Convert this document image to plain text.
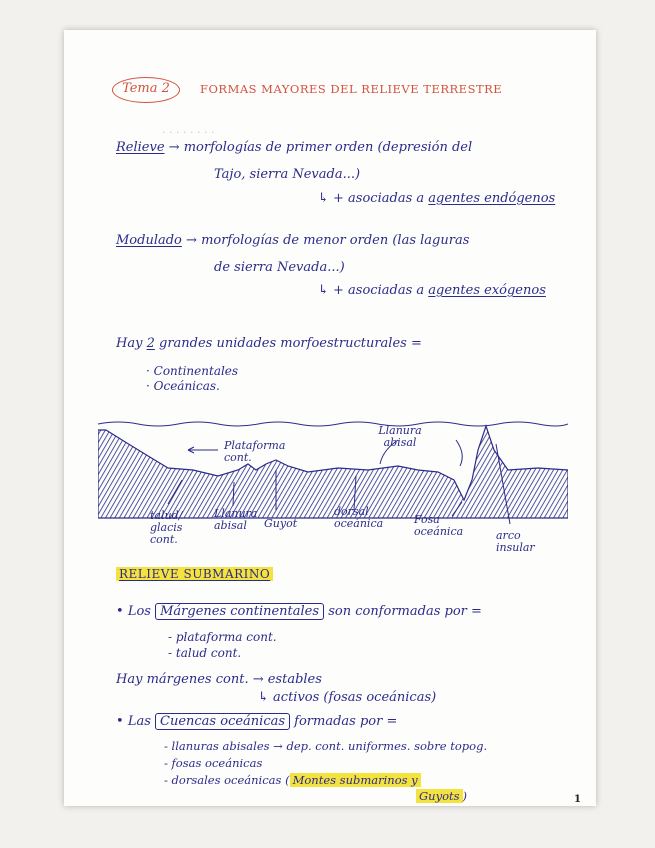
· · · · · · · ·
Tema 2	FORMAS MAYORES DEL RELIEVE TERRESTRE
Relieve → morfologías de primer orden (depresión del
Tajo, sierra Nevada...)
↳ + asociadas a agentes endógenos
Modulado → morfologías de menor orden (las laguras
de sierra Nevada...)
↳ + asociadas a agentes exógenos
Hay 2 grandes unidades morfoestructurales =
· Continentales
· Oceánicas.
Plataforma cont.
Llanura abisal
talud/ glacis cont.
Llanura abisal	Guyot
dorsal oceánica	Fosa oceánica	arco insular
RELIEVE SUBMARINO
• Los Márgenes continentales son conformadas por =
- plataforma cont.
- talud cont.
Hay márgenes cont. → estables
↳ activos (fosas oceánicas)
• Las Cuencas oceánicas formadas por =
- llanuras abisales → dep. cont. uniformes. sobre topog.
- fosas oceánicas
- dorsales oceánicas ( Montes submarinos y
Guyots )	1
